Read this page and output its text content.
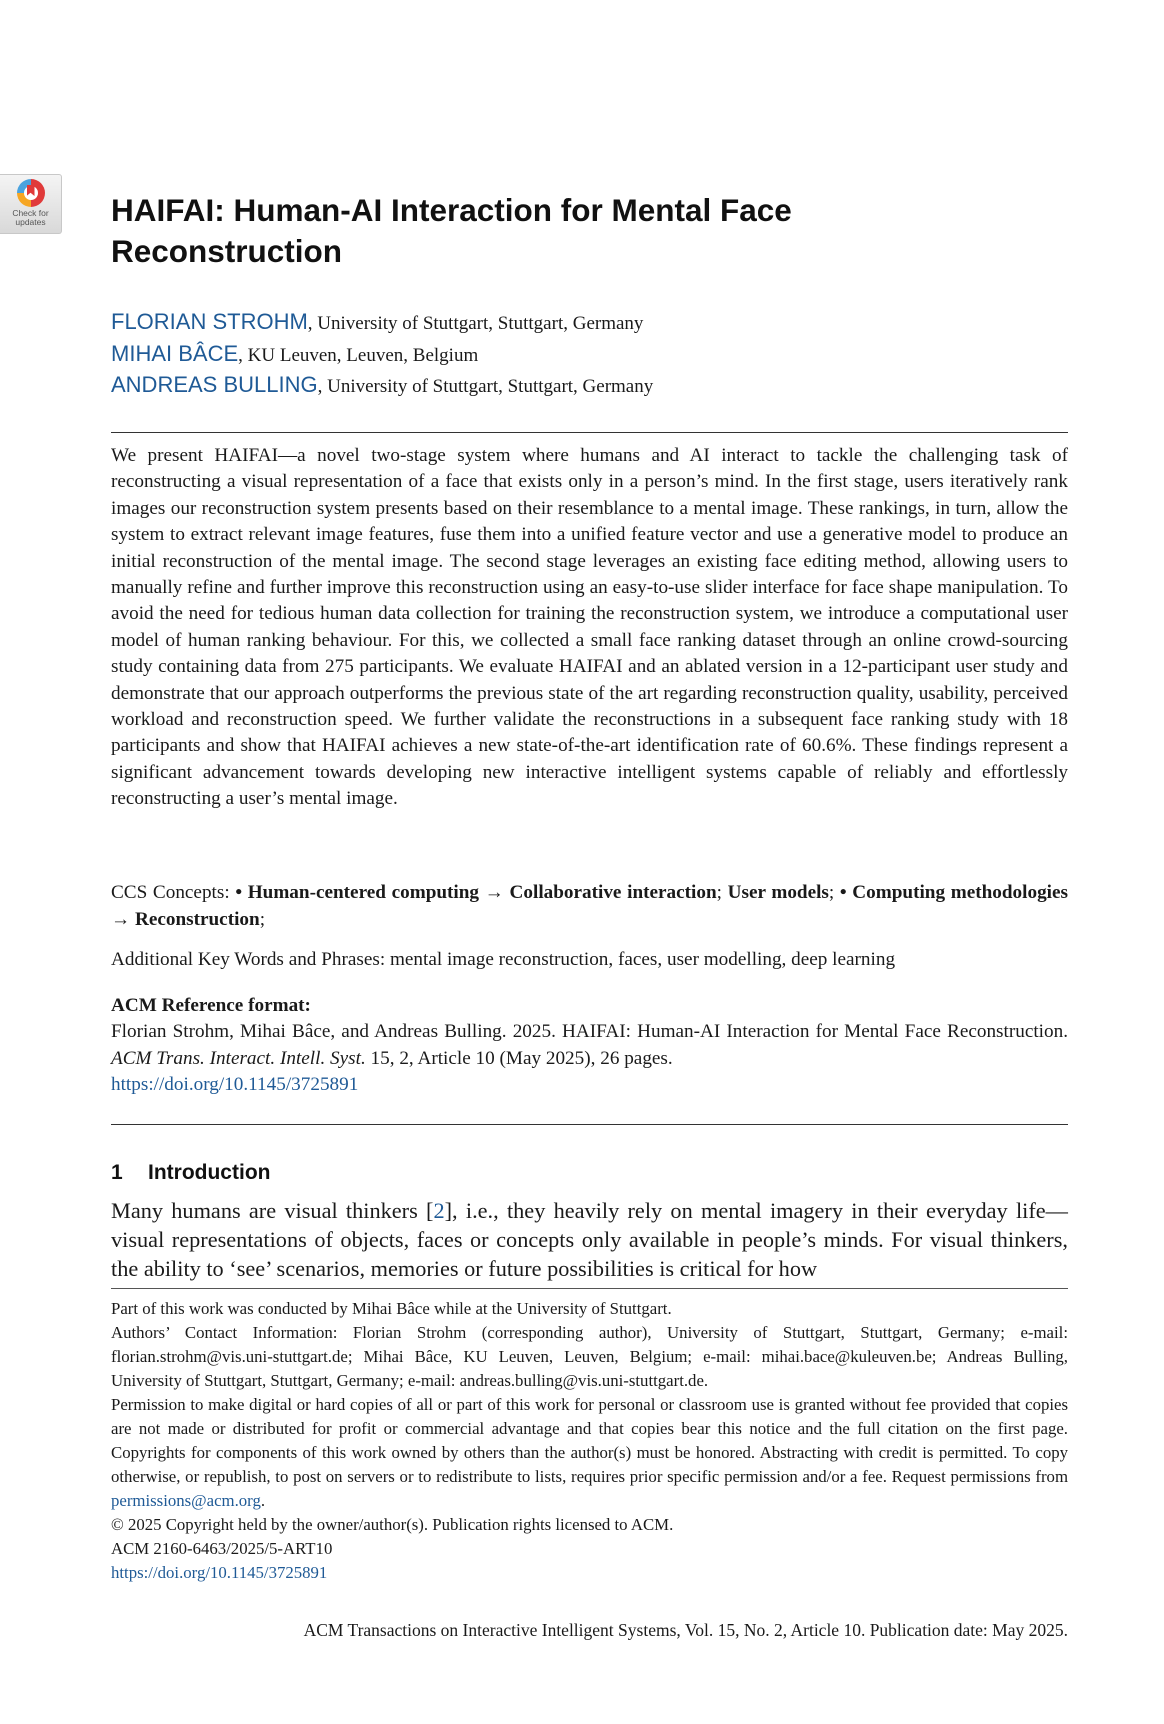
Check for
updates	HAIFAI: Human-AI Interaction for Mental Face Reconstruction
FLORIAN STROHM, University of Stuttgart, Stuttgart, Germany
MIHAI BÂCE, KU Leuven, Leuven, Belgium
ANDREAS BULLING, University of Stuttgart, Stuttgart, Germany

We present HAIFAI—a novel two-stage system where humans and AI interact to tackle the challenging task of reconstructing a visual representation of a face that exists only in a person’s mind. In the first stage, users iteratively rank images our reconstruction system presents based on their resemblance to a mental image. These rankings, in turn, allow the system to extract relevant image features, fuse them into a unified feature vector and use a generative model to produce an initial reconstruction of the mental image. The second stage leverages an existing face editing method, allowing users to manually refine and further improve this reconstruction using an easy-to-use slider interface for face shape manipulation. To avoid the need for tedious human data collection for training the reconstruction system, we introduce a computational user model of human ranking behaviour. For this, we collected a small face ranking dataset through an online crowd-sourcing study containing data from 275 participants. We evaluate HAIFAI and an ablated version in a 12-participant user study and demonstrate that our approach outperforms the previous state of the art regarding reconstruction quality, usability, perceived workload and reconstruction speed. We further validate the reconstructions in a subsequent face ranking study with 18 participants and show that HAIFAI achieves a new state-of-the-art identification rate of 60.6%. These findings represent a significant advancement towards developing new interactive intelligent systems capable of reliably and effortlessly reconstructing a user’s mental image.

CCS Concepts: • Human-centered computing → Collaborative interaction; User models; • Computing methodologies → Reconstruction;

Additional Key Words and Phrases: mental image reconstruction, faces, user modelling, deep learning

ACM Reference format:

Florian Strohm, Mihai Bâce, and Andreas Bulling. 2025. HAIFAI: Human-AI Interaction for Mental Face Reconstruction. ACM Trans. Interact. Intell. Syst. 15, 2, Article 10 (May 2025), 26 pages.
https://doi.org/10.1145/3725891

1 Introduction

Many humans are visual thinkers [2], i.e., they heavily rely on mental imagery in their everyday life—visual representations of objects, faces or concepts only available in people’s minds. For visual thinkers, the ability to ‘see’ scenarios, memories or future possibilities is critical for how

Part of this work was conducted by Mihai Bâce while at the University of Stuttgart.

Authors’ Contact Information: Florian Strohm (corresponding author), University of Stuttgart, Stuttgart, Germany; e-mail: florian.strohm@vis.uni-stuttgart.de; Mihai Bâce, KU Leuven, Leuven, Belgium; e-mail: mihai.bace@kuleuven.be; Andreas Bulling, University of Stuttgart, Stuttgart, Germany; e-mail: andreas.bulling@vis.uni-stuttgart.de.

Permission to make digital or hard copies of all or part of this work for personal or classroom use is granted without fee provided that copies are not made or distributed for profit or commercial advantage and that copies bear this notice and the full citation on the first page. Copyrights for components of this work owned by others than the author(s) must be honored. Abstracting with credit is permitted. To copy otherwise, or republish, to post on servers or to redistribute to lists, requires prior specific permission and/or a fee. Request permissions from permissions@acm.org.

© 2025 Copyright held by the owner/author(s). Publication rights licensed to ACM.

ACM 2160-6463/2025/5-ART10

https://doi.org/10.1145/3725891

ACM Transactions on Interactive Intelligent Systems, Vol. 15, No. 2, Article 10. Publication date: May 2025.
